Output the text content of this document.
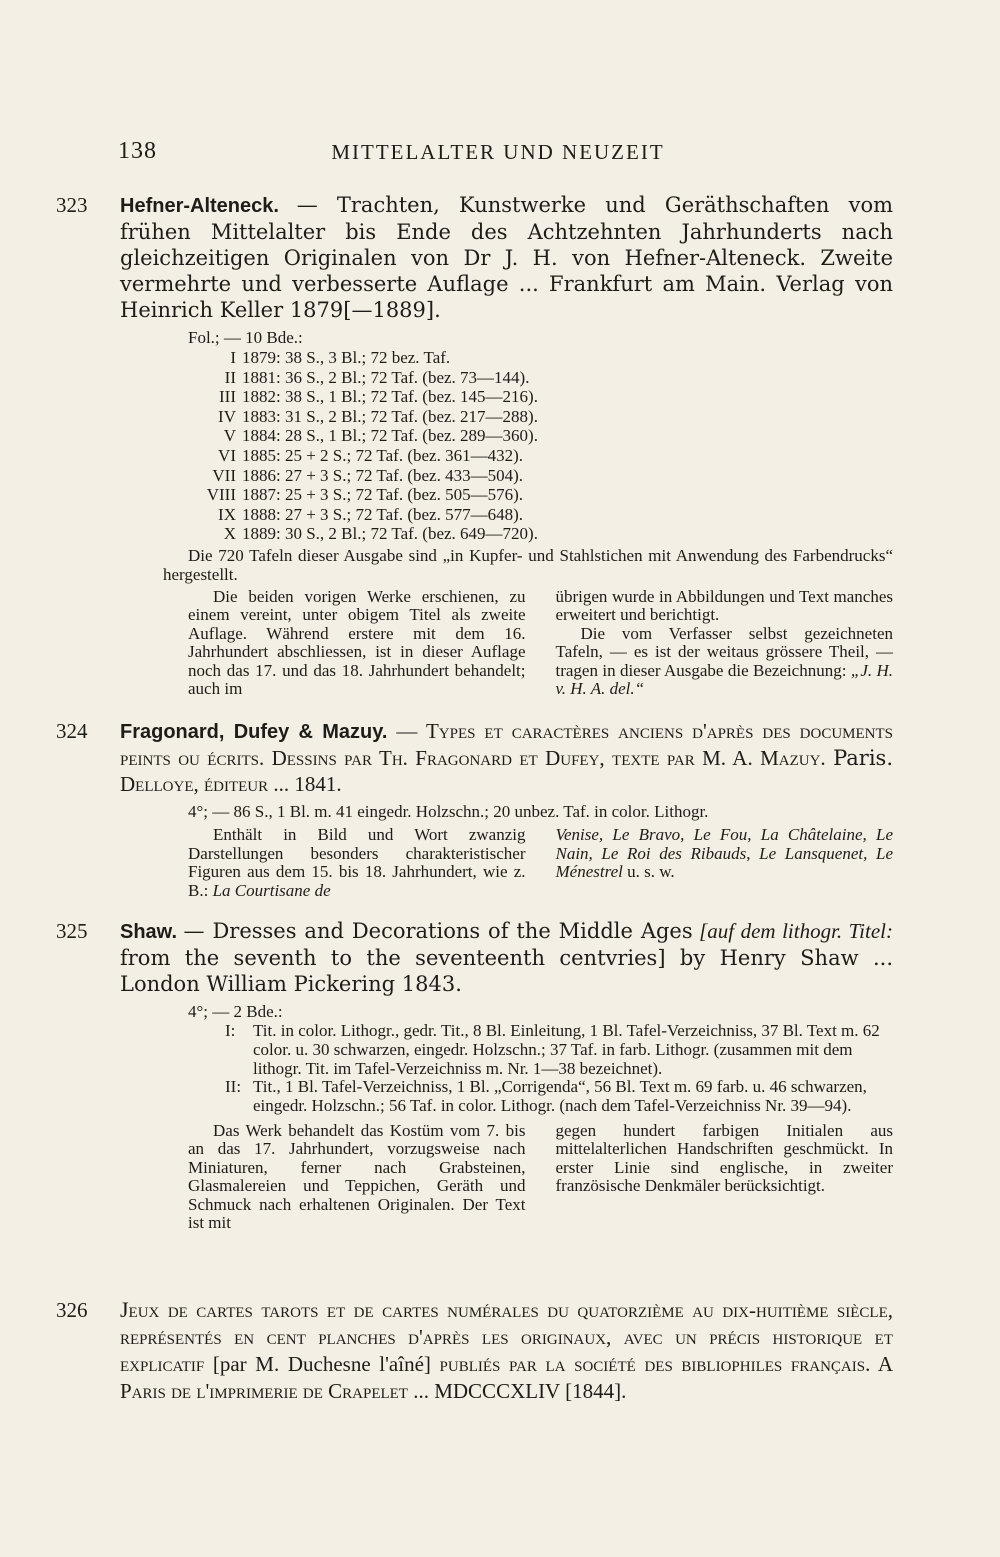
138	MITTELALTER UND NEUZEIT
323 Hefner-Alteneck. — Trachten, Kunstwerke und Geräthschaften vom frühen Mittelalter bis Ende des Achtzehnten Jahrhunderts nach gleichzeitigen Originalen von Dr J. H. von Hefner-Alteneck. Zweite vermehrte und verbesserte Auflage ... Frankfurt am Main. Verlag von Heinrich Keller 1879[—1889].
Fol.; — 10 Bde.:
I 1879: 38 S., 3 Bl.; 72 bez. Taf.
II 1881: 36 S., 2 Bl.; 72 Taf. (bez. 73—144).
III 1882: 38 S., 1 Bl.; 72 Taf. (bez. 145—216).
IV 1883: 31 S., 2 Bl.; 72 Taf. (bez. 217—288).
V 1884: 28 S., 1 Bl.; 72 Taf. (bez. 289—360).
VI 1885: 25 + 2 S.; 72 Taf. (bez. 361—432).
VII 1886: 27 + 3 S.; 72 Taf. (bez. 433—504).
VIII 1887: 25 + 3 S.; 72 Taf. (bez. 505—576).
IX 1888: 27 + 3 S.; 72 Taf. (bez. 577—648).
X 1889: 30 S., 2 Bl.; 72 Taf. (bez. 649—720).
Die 720 Tafeln dieser Ausgabe sind „in Kupfer- und Stahlstichen mit Anwendung des Farbendrucks“ hergestellt.

Die beiden vorigen Werke erschienen, zu einem vereint, unter obigem Titel als zweite Auflage. Während erstere mit dem 16. Jahrhundert abschliessen, ist in dieser Auflage noch das 17. und das 18. Jahrhundert behandelt; auch im

übrigen wurde in Abbildungen und Text manches erweitert und berichtigt.

Die vom Verfasser selbst gezeichneten Tafeln, — es ist der weitaus grössere Theil, — tragen in dieser Ausgabe die Bezeichnung: „J. H. v. H. A. del.“

324 Fragonard, Dufey & Mazuy. — Types et caractères anciens d'après des documents peints ou écrits. Dessins par Th. Fragonard et Dufey, texte par M. A. Mazuy. Paris. Delloye, éditeur ... 1841.
4°; — 86 S., 1 Bl. m. 41 eingedr. Holzschn.; 20 unbez. Taf. in color. Lithogr.

Enthält in Bild und Wort zwanzig Darstellungen besonders charakteristischer Figuren aus dem 15. bis 18. Jahrhundert, wie z. B.: La Courtisane de

Venise, Le Bravo, Le Fou, La Châtelaine, Le Nain, Le Roi des Ribauds, Le Lansquenet, Le Ménestrel u. s. w.

325 Shaw. — Dresses and Decorations of the Middle Ages [auf dem lithogr. Titel: from the seventh to the seventeenth centvries] by Henry Shaw ... London William Pickering 1843.
4°; — 2 Bde.:
I: Tit. in color. Lithogr., gedr. Tit., 8 Bl. Einleitung, 1 Bl. Tafel-Verzeichniss, 37 Bl. Text m. 62 color. u. 30 schwarzen, eingedr. Holzschn.; 37 Taf. in farb. Lithogr. (zusammen mit dem lithogr. Tit. im Tafel-Verzeichniss m. Nr. 1—38 bezeichnet).
II: Tit., 1 Bl. Tafel-Verzeichniss, 1 Bl. „Corrigenda“, 56 Bl. Text m. 69 farb. u. 46 schwarzen, eingedr. Holzschn.; 56 Taf. in color. Lithogr. (nach dem Tafel-Verzeichniss Nr. 39—94).

Das Werk behandelt das Kostüm vom 7. bis an das 17. Jahrhundert, vorzugsweise nach Miniaturen, ferner nach Grabsteinen, Glasmalereien und Teppichen, Geräth und Schmuck nach erhaltenen Originalen. Der Text ist mit

gegen hundert farbigen Initialen aus mittelalterlichen Handschriften geschmückt. In erster Linie sind englische, in zweiter französische Denkmäler berücksichtigt.

326 Jeux de cartes tarots et de cartes numérales du quatorzième au dix-huitième siècle, représentés en cent planches d'après les originaux, avec un précis historique et explicatif [par M. Duchesne l'aîné] publiés par la société des bibliophiles français. A Paris de l'imprimerie de Crapelet ... MDCCCXLIV [1844].
